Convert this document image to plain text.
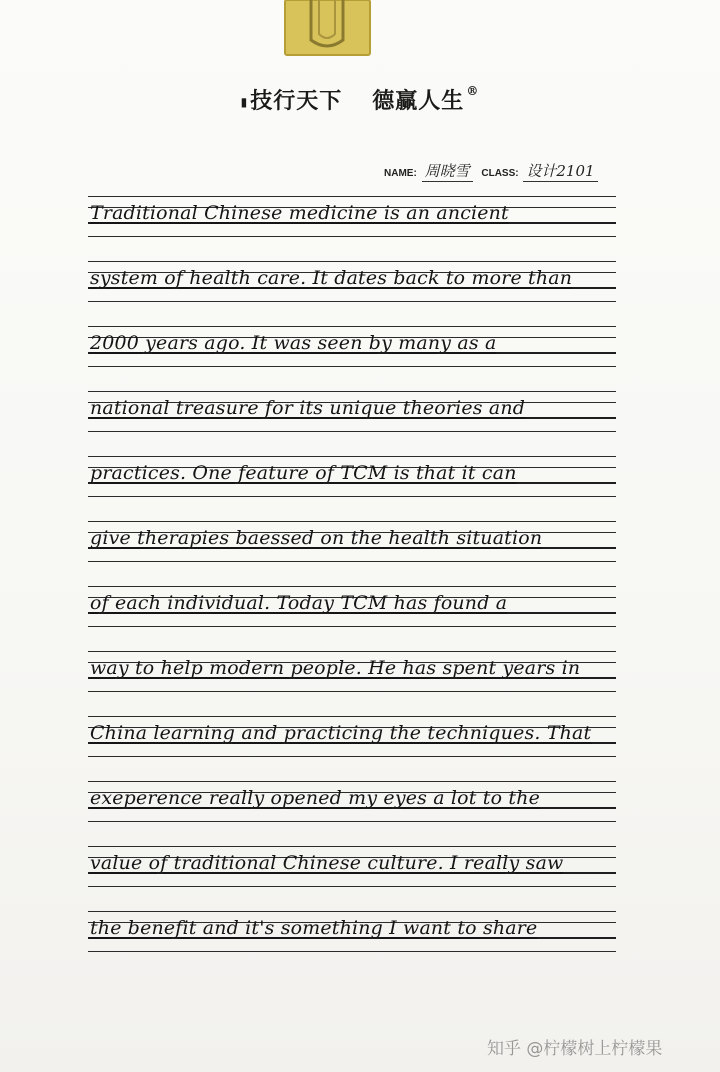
▮技行天下 德赢人生 ®
NAME: 周晓雪 CLASS: 设计2101
Traditional Chinese medicine is an ancient
system of health care. It dates back to more than
2000 years ago. It was seen by many as a
national treasure for its unique theories and
practices. One feature of TCM is that it can
give therapies baessed on the health situation
of each individual. Today TCM has found a
way to help modern people. He has spent years in
China learning and practicing the techniques. That
exeperence really opened my eyes a lot to the
value of traditional Chinese culture. I really saw
the benefit and it's something I want to share
知乎 @柠檬树上柠檬果
